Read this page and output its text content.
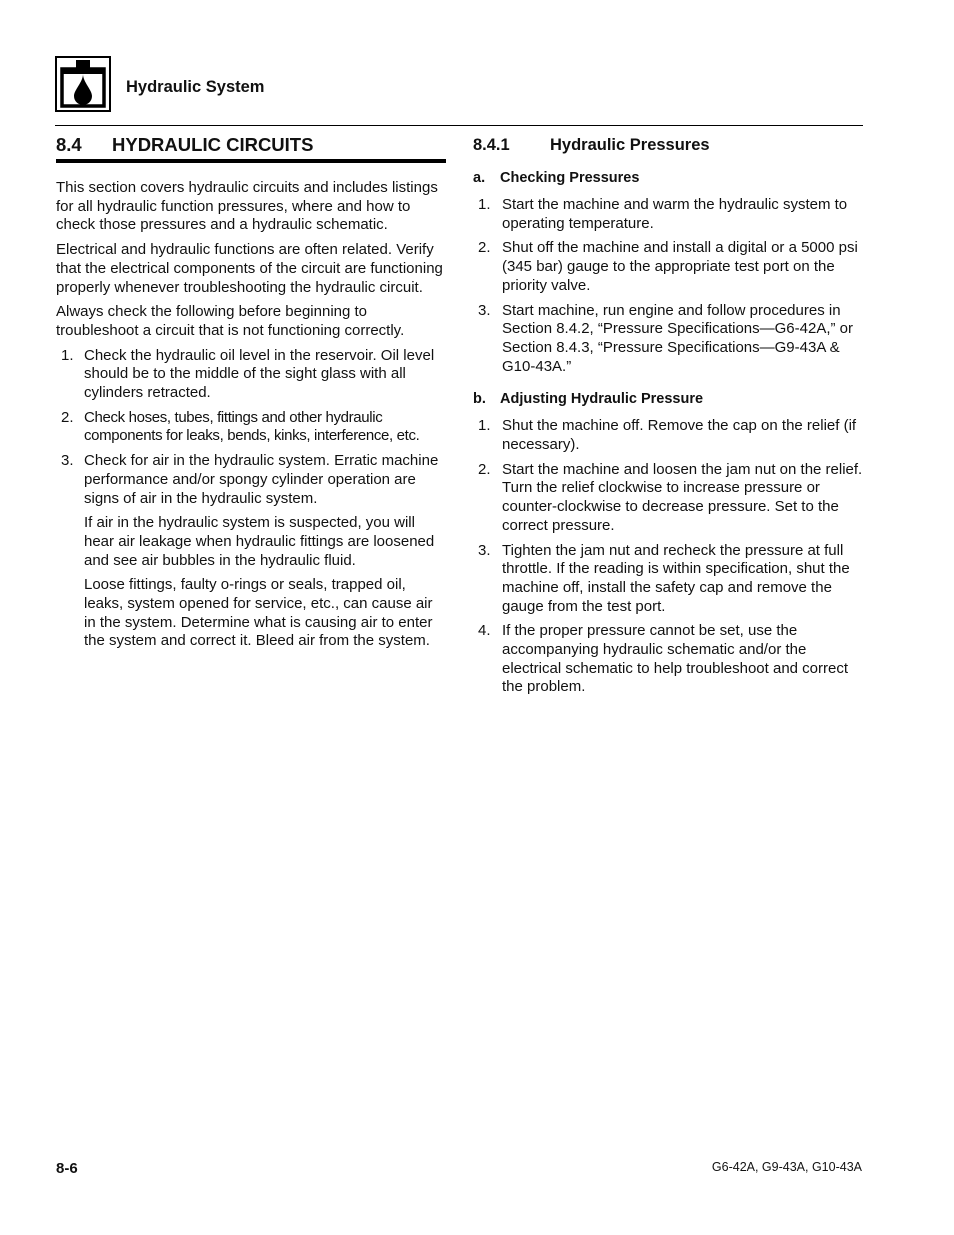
Hydraulic System
8.4	HYDRAULIC CIRCUITS

This section covers hydraulic circuits and includes listings for all hydraulic function pressures, where and how to check those pressures and a hydraulic schematic.

Electrical and hydraulic functions are often related. Verify that the electrical components of the circuit are functioning properly whenever troubleshooting the hydraulic circuit.

Always check the following before beginning to troubleshoot a circuit that is not functioning correctly.

1. Check the hydraulic oil level in the reservoir. Oil level should be to the middle of the sight glass with all cylinders retracted.
2. Check hoses, tubes, fittings and other hydraulic components for leaks, bends, kinks, interference, etc.
3. Check for air in the hydraulic system. Erratic machine performance and/or spongy cylinder operation are signs of air in the hydraulic system.

If air in the hydraulic system is suspected, you will hear air leakage when hydraulic fittings are loosened and see air bubbles in the hydraulic fluid.

Loose fittings, faulty o-rings or seals, trapped oil, leaks, system opened for service, etc., can cause air in the system. Determine what is causing air to enter the system and correct it. Bleed air from the system.

8.4.1	Hydraulic Pressures
a. Checking Pressures
1. Start the machine and warm the hydraulic system to operating temperature.
2. Shut off the machine and install a digital or a 5000 psi (345 bar) gauge to the appropriate test port on the priority valve.
3. Start machine, run engine and follow procedures in Section 8.4.2, “Pressure Specifications—G6-42A,” or Section 8.4.3, “Pressure Specifications—G9-43A & G10-43A.”
b. Adjusting Hydraulic Pressure
1. Shut the machine off. Remove the cap on the relief (if necessary).
2. Start the machine and loosen the jam nut on the relief. Turn the relief clockwise to increase pressure or counter-clockwise to decrease pressure. Set to the correct pressure.
3. Tighten the jam nut and recheck the pressure at full throttle. If the reading is within specification, shut the machine off, install the safety cap and remove the gauge from the test port.
4. If the proper pressure cannot be set, use the accompanying hydraulic schematic and/or the electrical schematic to help troubleshoot and correct the problem.
8-6	G6-42A, G9-43A, G10-43A
